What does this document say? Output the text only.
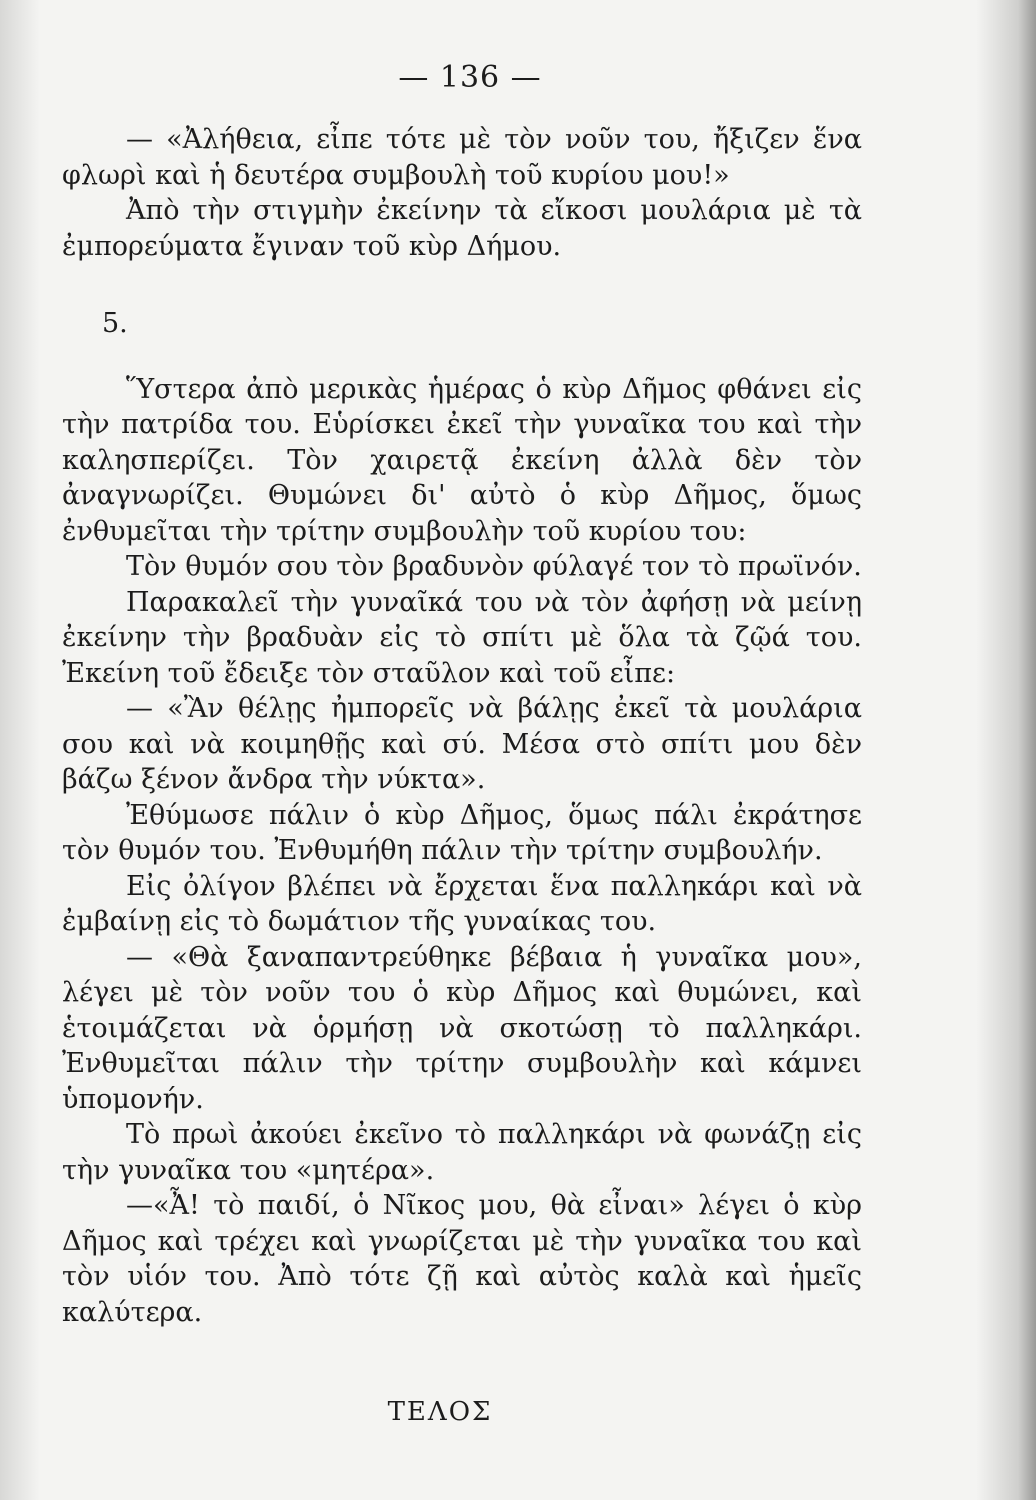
— 136 —

— «Ἀλήθεια, εἶπε τότε μὲ τὸν νοῦν του, ἤξιζεν ἕνα φλωρὶ καὶ ἡ δευτέρα συμβουλὴ τοῦ κυρίου μου!»

Ἀπὸ τὴν στιγμὴν ἐκείνην τὰ εἴκοσι μουλάρια μὲ τὰ ἐμπορεύματα ἔγιναν τοῦ κὺρ Δήμου.

5.

Ὕστερα ἀπὸ μερικὰς ἡμέρας ὁ κὺρ Δῆμος φθάνει εἰς τὴν πατρίδα του. Εὑρίσκει ἐκεῖ τὴν γυναῖκα του καὶ τὴν καλησπερίζει. Τὸν χαιρετᾷ ἐκείνη ἀλλὰ δὲν τὸν ἀναγνωρίζει. Θυμώνει δι' αὐτὸ ὁ κὺρ Δῆμος, ὅμως ἐνθυμεῖται τὴν τρίτην συμβουλὴν τοῦ κυρίου του:

Τὸν θυμόν σου τὸν βραδυνὸν φύλαγέ τον τὸ πρωϊνόν.

Παρακαλεῖ τὴν γυναῖκά του νὰ τὸν ἀφήσῃ νὰ μείνῃ ἐκείνην τὴν βραδυὰν εἰς τὸ σπίτι μὲ ὅλα τὰ ζῷά του. Ἐκείνη τοῦ ἔδειξε τὸν σταῦλον καὶ τοῦ εἶπε:

— «Ἂν θέλῃς ἠμπορεῖς νὰ βάλῃς ἐκεῖ τὰ μουλάρια σου καὶ νὰ κοιμηθῇς καὶ σύ. Μέσα στὸ σπίτι μου δὲν βάζω ξένον ἄνδρα τὴν νύκτα».

Ἐθύμωσε πάλιν ὁ κὺρ Δῆμος, ὅμως πάλι ἐκράτησε τὸν θυμόν του. Ἐνθυμήθη πάλιν τὴν τρίτην συμβουλήν.

Εἰς ὀλίγον βλέπει νὰ ἔρχεται ἕνα παλληκάρι καὶ νὰ ἐμβαίνῃ εἰς τὸ δωμάτιον τῆς γυναίκας του.

— «Θὰ ξαναπαντρεύθηκε βέβαια ἡ γυναῖκα μου», λέγει μὲ τὸν νοῦν του ὁ κὺρ Δῆμος καὶ θυμώνει, καὶ ἑτοιμάζεται νὰ ὁρμήσῃ νὰ σκοτώσῃ τὸ παλληκάρι. Ἐνθυμεῖται πάλιν τὴν τρίτην συμβουλὴν καὶ κάμνει ὑπομονήν.

Τὸ πρωὶ ἀκούει ἐκεῖνο τὸ παλληκάρι νὰ φωνάζῃ εἰς τὴν γυναῖκα του «μητέρα».

—«Ἆ! τὸ παιδί, ὁ Νῖκος μου, θὰ εἶναι» λέγει ὁ κὺρ Δῆμος καὶ τρέχει καὶ γνωρίζεται μὲ τὴν γυναῖκα του καὶ τὸν υἱόν του. Ἀπὸ τότε ζῇ καὶ αὐτὸς καλὰ καὶ ἡμεῖς καλύτερα.

ΤΕΛΟΣ
